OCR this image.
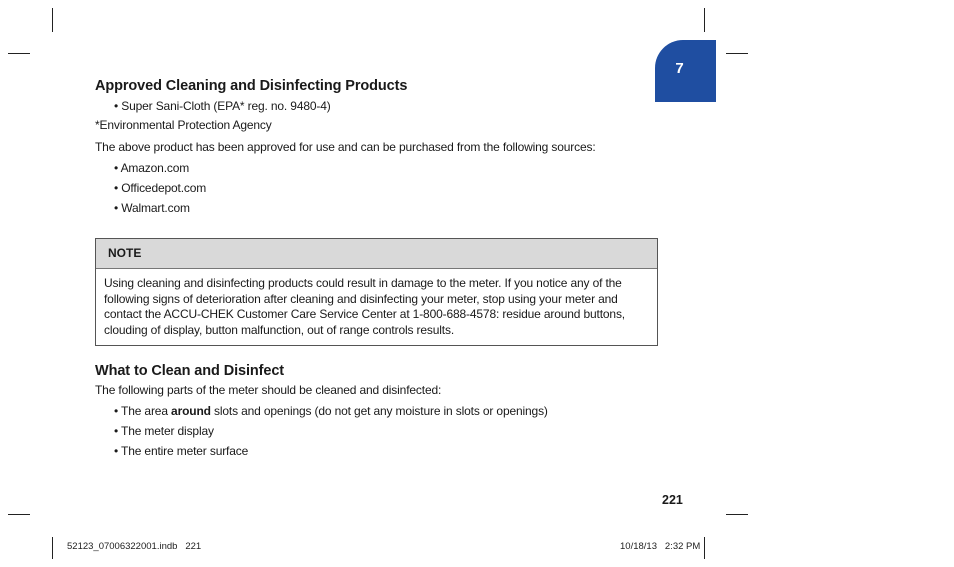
7
Approved Cleaning and Disinfecting Products

• Super Sani-Cloth (EPA* reg. no. 9480-4)

*Environmental Protection Agency

The above product has been approved for use and can be purchased from the following sources:

• Amazon.com

• Officedepot.com

• Walmart.com

NOTE
Using cleaning and disinfecting products could result in damage to the meter. If you notice any of the following signs of deterioration after cleaning and disinfecting your meter, stop using your meter and contact the ACCU-CHEK Customer Care Service Center at 1-800-688-4578: residue around buttons, clouding of display, button malfunction, out of range controls results.
What to Clean and Disinfect

The following parts of the meter should be cleaned and disinfected:

• The area around slots and openings (do not get any moisture in slots or openings)

• The meter display

• The entire meter surface

221
52123_07006322001.indb   221	10/18/13   2:32 PM
